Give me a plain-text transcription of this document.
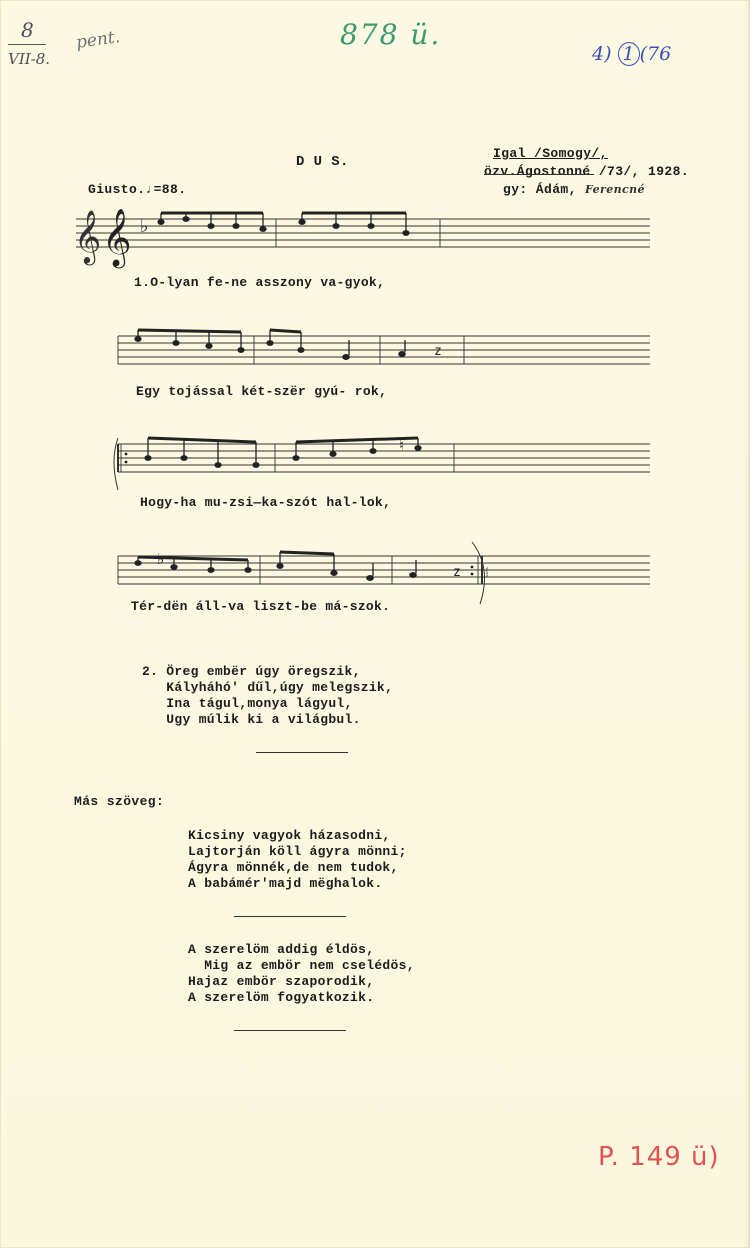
8
VII-8.
pent.	878 ü.
4) 1 (76
D U S.
Giusto.♩=88.
Igal /Somogy/,
özv.Ágostonné /73/, 1928.
gy: Ádám, Ferencné
𝄞 𝄞 ♭
1.O-lyan fe-ne asszony va-gyok,
z
Egy tojással két-szër gyú- rok,
♮
Hogy-ha mu-zsi—ka-szót hal-lok,
𝆃
z
Tér-dën áll-va liszt-be má-szok.
2. Öreg embër úgy öregszik,
Kályháhó' dűl,úgy melegszik,
Ina tágul,monya lágyul,
Ugy múlik ki a világbul.
Más szöveg:
Kicsiny vagyok házasodni,
Lajtorján köll ágyra mönni;
Ágyra mönnék,de nem tudok,
A babámér'majd mëghalok.
A szerelöm addig éldös,
Mig az embör nem cselédös,
Hajaz embör szaporodik,
A szerelöm fogyatkozik.
P. 149 ü)
